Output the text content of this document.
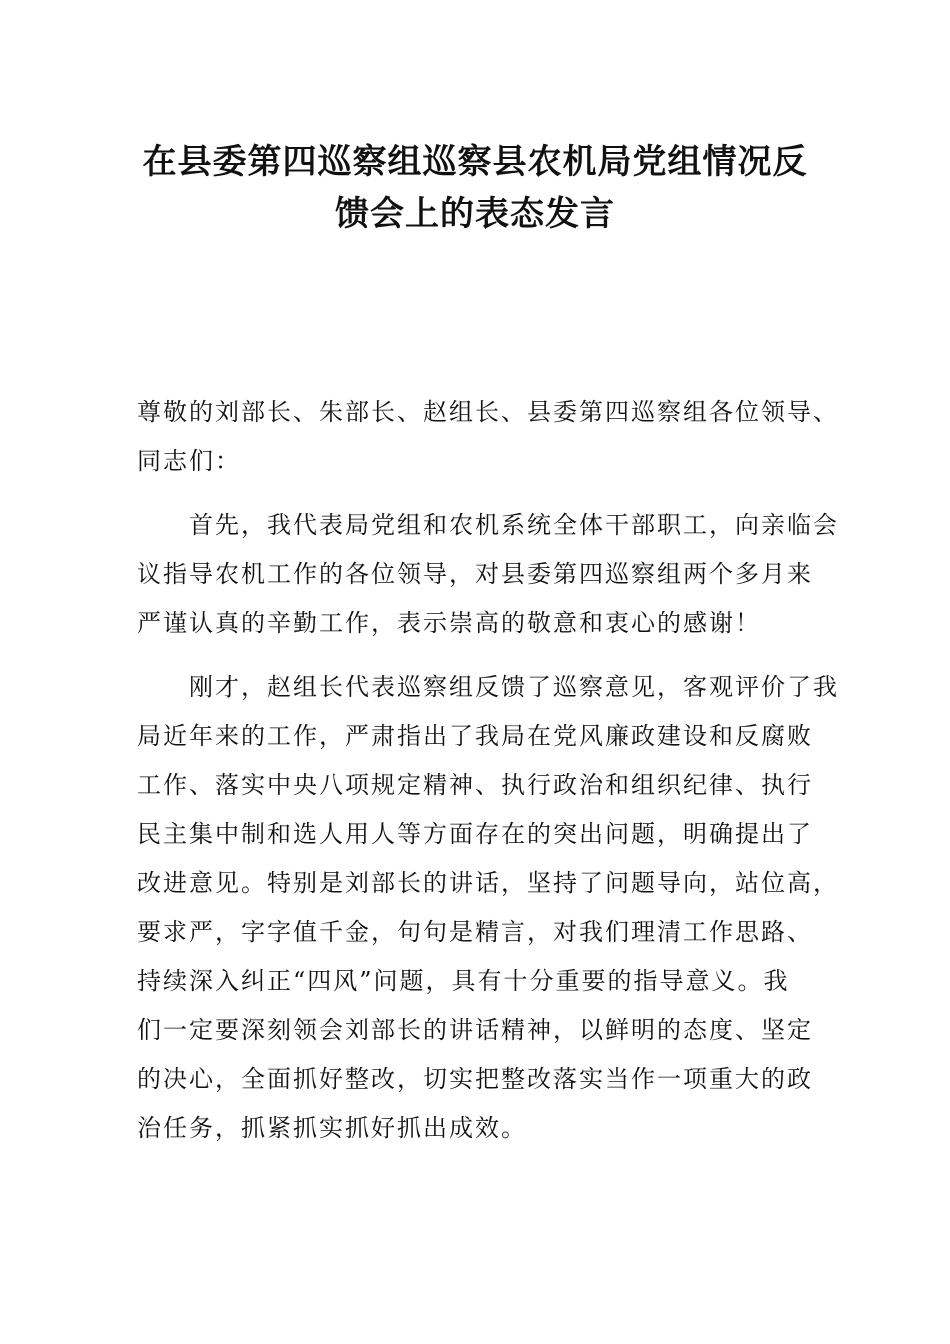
在县委第四巡察组巡察县农机局党组情况反
馈会上的表态发言

尊敬的刘部长、朱部长、赵组长、县委第四巡察组各位领导、
同志们：

　　首先，我代表局党组和农机系统全体干部职工，向亲临会
议指导农机工作的各位领导，对县委第四巡察组两个多月来
严谨认真的辛勤工作，表示崇高的敬意和衷心的感谢！

　　刚才，赵组长代表巡察组反馈了巡察意见，客观评价了我
局近年来的工作，严肃指出了我局在党风廉政建设和反腐败
工作、落实中央八项规定精神、执行政治和组织纪律、执行
民主集中制和选人用人等方面存在的突出问题，明确提出了
改进意见。特别是刘部长的讲话，坚持了问题导向，站位高，
要求严，字字值千金，句句是精言，对我们理清工作思路、
持续深入纠正“四风”问题，具有十分重要的指导意义。我
们一定要深刻领会刘部长的讲话精神，以鲜明的态度、坚定
的决心，全面抓好整改，切实把整改落实当作一项重大的政
治任务，抓紧抓实抓好抓出成效。
